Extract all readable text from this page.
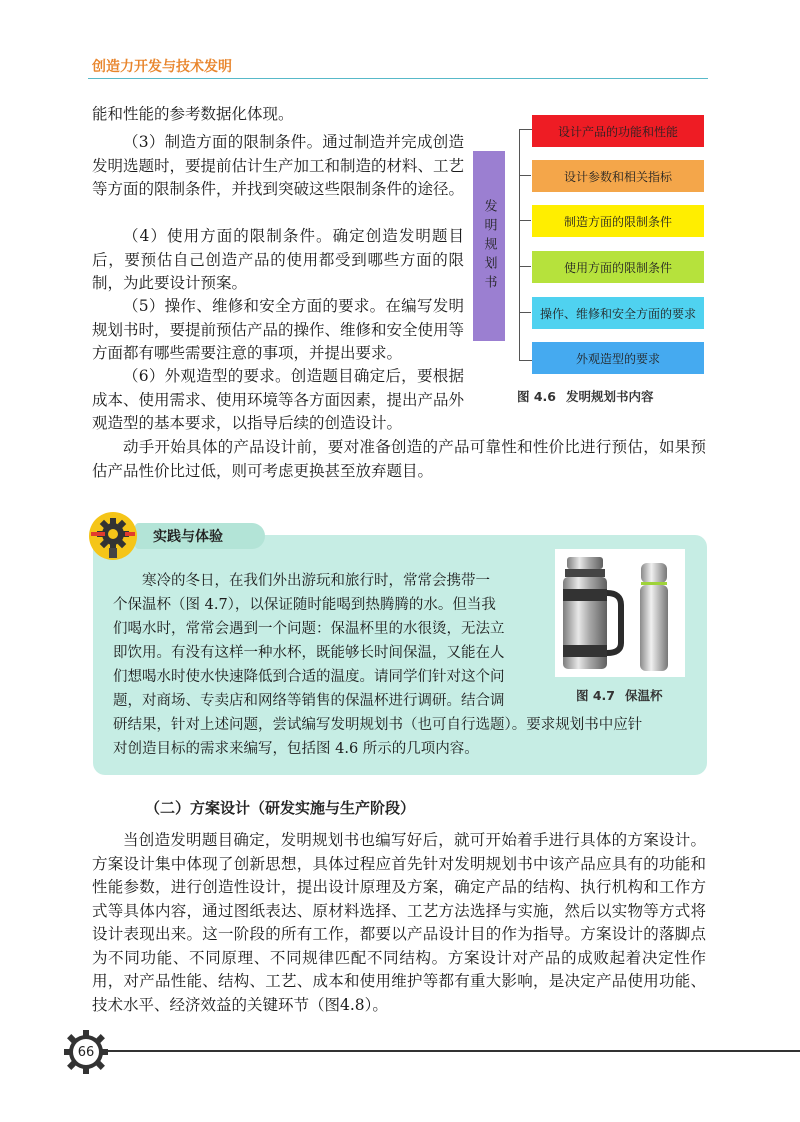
创造力开发与技术发明

能和性能的参考数据化体现。

（3）制造方面的限制条件。通过制造并完成创造发明选题时，要提前估计生产加工和制造的材料、工艺等方面的限制条件，并找到突破这些限制条件的途径。

（4）使用方面的限制条件。确定创造发明题目后，要预估自己创造产品的使用都受到哪些方面的限制，为此要设计预案。

（5）操作、维修和安全方面的要求。在编写发明规划书时，要提前预估产品的操作、维修和安全使用等方面都有哪些需要注意的事项，并提出要求。

（6）外观造型的要求。创造题目确定后，要根据成本、使用需求、使用环境等各方面因素，提出产品外观造型的基本要求，以指导后续的创造设计。

发明规划书
设计产品的功能和性能
设计参数和相关指标
制造方面的限制条件
使用方面的限制条件
操作、维修和安全方面的要求
外观造型的要求
图 4.6 发明规划书内容

动手开始具体的产品设计前，要对准备创造的产品可靠性和性价比进行预估，如果预估产品性价比过低，则可考虑更换甚至放弃题目。

实践与体验

寒冷的冬日，在我们外出游玩和旅行时，常常会携带一

个保温杯（图 4.7），以保证随时能喝到热腾腾的水。但当我

们喝水时，常常会遇到一个问题：保温杯里的水很烫，无法立

即饮用。有没有这样一种水杯，既能够长时间保温，又能在人

们想喝水时使水快速降低到合适的温度。请同学们针对这个问

题，对商场、专卖店和网络等销售的保温杯进行调研。结合调

研结果，针对上述问题，尝试编写发明规划书（也可自行选题）。要求规划书中应针

对创造目标的需求来编写，包括图 4.6 所示的几项内容。

图 4.7 保温杯
（二）方案设计（研发实施与生产阶段）

当创造发明题目确定，发明规划书也编写好后，就可开始着手进行具体的方案设计。方案设计集中体现了创新思想，具体过程应首先针对发明规划书中该产品应具有的功能和性能参数，进行创造性设计，提出设计原理及方案，确定产品的结构、执行机构和工作方式等具体内容，通过图纸表达、原材料选择、工艺方法选择与实施，然后以实物等方式将设计表现出来。这一阶段的所有工作，都要以产品设计目的作为指导。方案设计的落脚点为不同功能、不同原理、不同规律匹配不同结构。方案设计对产品的成败起着决定性作用，对产品性能、结构、工艺、成本和使用维护等都有重大影响，是决定产品使用功能、技术水平、经济效益的关键环节（图4.8）。

66
